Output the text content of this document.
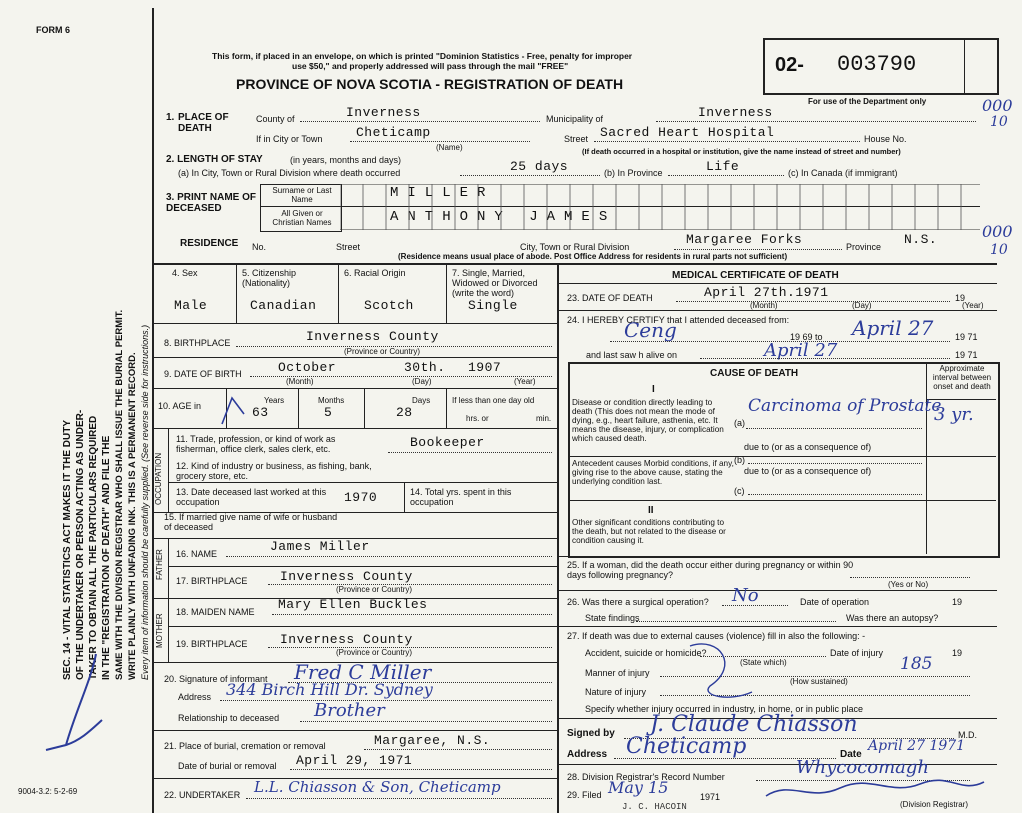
FORM 6
SEC. 14 - VITAL STATISTICS ACT MAKES IT THE DUTY OF THE UNDERTAKER OR PERSON ACTING AS UNDER- TAKER TO OBTAIN ALL THE PARTICULARS REQUIRED IN THE "REGISTRATION OF DEATH" AND FILE THE SAME WITH THE DIVISION REGISTRAR WHO SHALL ISSUE THE BURIAL PERMIT. WRITE PLAINLY WITH UNFADING INK. THIS IS A PERMANENT RECORD. Every item of information should be carefully supplied. (See reverse side for instructions.)
9004-3.2: 5-2-69
This form, if placed in an envelope, on which is printed "Dominion Statistics - Free, penalty for improper
use $50," and properly addressed will pass through the mail "FREE"
PROVINCE OF NOVA SCOTIA - REGISTRATION OF DEATH
02- 003790
For use of the Department only	000
10
000
10
1. PLACE OF DEATH
County of	Inverness	Municipality of	Inverness
If in City or Town	Cheticamp
(Name)
Street Sacred Heart Hospital	House No.
(If death occurred in a hospital or institution, give the name instead of street and number)
2. LENGTH OF STAY	(in years, months and days)
(a) In City, Town or Rural Division where death occurred	25 days	(b) In Province	Life	(c) In Canada (if immigrant)
3. PRINT NAME OF DECEASED
Surname or Last Name
All Given or Christian Names
MILLER
ANTHONY JAMES
RESIDENCE No.	Street	City, Town or Rural Division	Margaree Forks	Province N.S.
(Residence means usual place of abode. Post Office Address for residents in rural parts not sufficient)
4. Sex
Male
5. Citizenship (Nationality)
Canadian
6. Racial Origin
Scotch
7. Single, Married, Widowed or Divorced (write the word)
Single
8. BIRTHPLACE	Inverness County
(Province or Country)
9. DATE OF BIRTH	October	30th. 1907
(Month)	(Day)	(Year)
10. AGE in
Years	Months	Days
63	5	28
If less than one day old
hrs. or	min.
OCCUPATION
11. Trade, profession, or kind of work as fisherman, office clerk, sales clerk, etc.	Bookeeper
12. Kind of industry or business, as fishing, bank, grocery store, etc.
13. Date deceased last worked at this occupation	1970	14. Total yrs. spent in this occupation
15. If married give name of wife or husband of deceased
FATHER 16. NAME	James Miller
17. BIRTHPLACE	Inverness County
(Province or Country)
MOTHER
18. MAIDEN NAME Mary Ellen Buckles
19. BIRTHPLACE	Inverness County
(Province or Country)
20. Signature of informant Fred C Miller
Address 344 Birch Hill Dr. Sydney
Relationship to deceased Brother
21. Place of burial, cremation or removal	Margaree, N.S.
Date of burial or removal April 29, 1971
22. UNDERTAKER L.L. Chiasson & Son, Cheticamp
MEDICAL CERTIFICATE OF DEATH
23. DATE OF DEATH	April 27th.1971	19
(Month)	(Day)	(Year)
24. I HEREBY CERTIFY that I attended deceased from:
Ceng	19 69 to April 27 19 71
and last saw h alive on	April 27	19 71
CAUSE OF DEATH	Approximate interval between onset and death
I
Disease or condition directly leading to death (This does not mean the mode of dying, e.g., heart failure, asthenia, etc. It means the disease, injury, or complication which caused death.
(a)
Carcinoma of Prostate
3 yr.
due to (or as a consequence of)
Antecedent causes Morbid conditions, if any, giving rise to the above cause, stating the underlying condition last.
(b)
due to (or as a consequence of)
(c)
II
Other significant conditions contributing to the death, but not related to the disease or condition causing it.
25. If a woman, did the death occur either during pregnancy or within 90 days following pregnancy?
(Yes or No)
26. Was there a surgical operation? No	Date of operation	19
State findings	Was there an autopsy?
27. If death was due to external causes (violence) fill in also the following: -
Accident, suicide or homicide?	Date of injury	19
(State which)
Manner of injury	185
(How sustained)
Nature of injury
Specify whether injury occurred in industry, in home, or in public place
Signed by J. Claude Chiasson	M.D.
Address Cheticamp	Date
April 27 1971
28. Division Registrar's Record Number	Whycocomagh
29. Filed May 15	1971
J. C. HACOIN	(Division Registrar)
